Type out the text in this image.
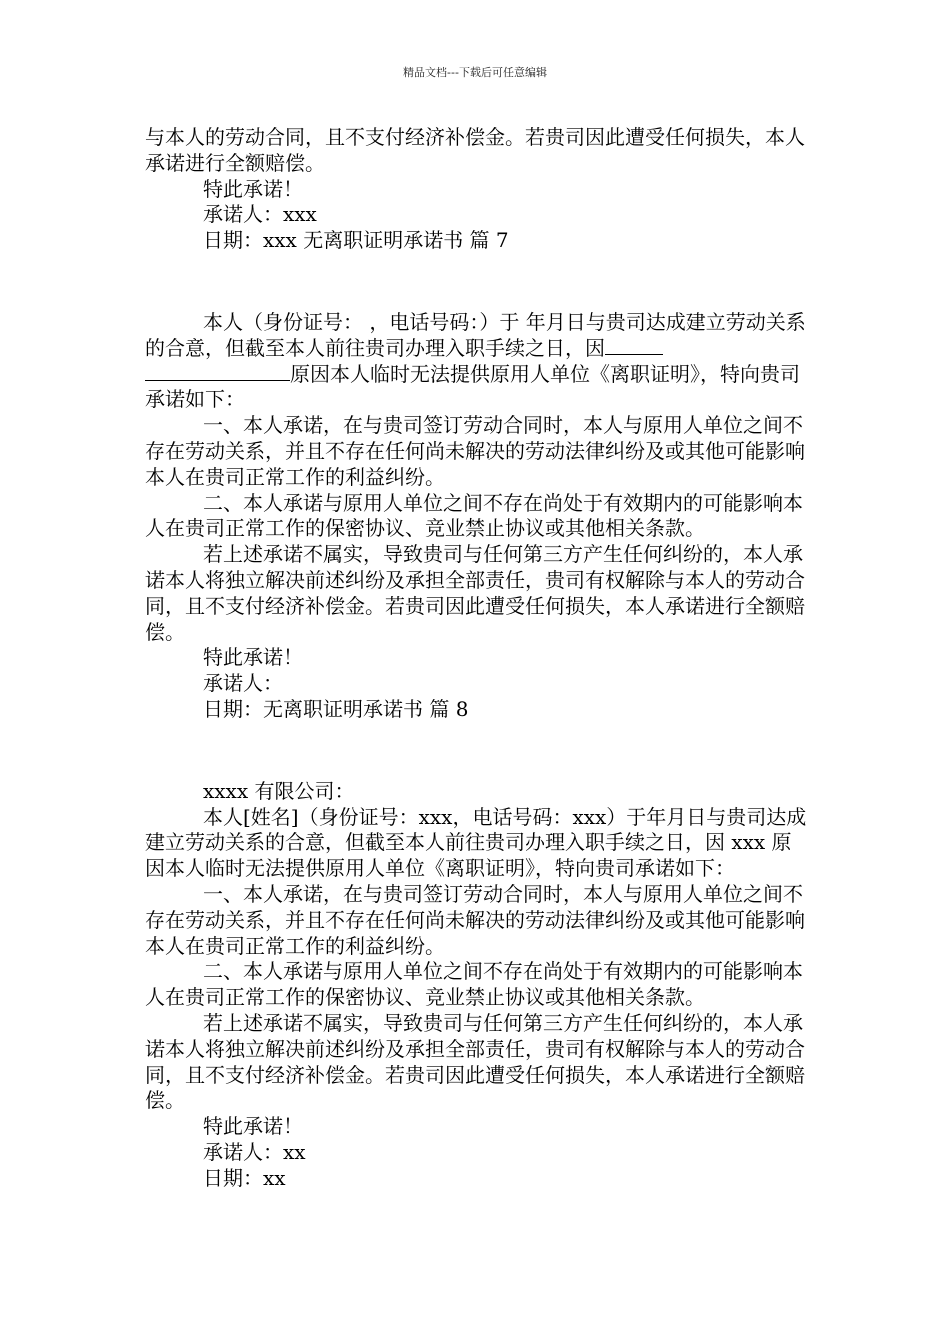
精品文档---下载后可任意编辑

与本人的劳动合同，且不支付经济补偿金。若贵司因此遭受任何损失，本人承诺进行全额赔偿。

特此承诺！

承诺人：xxx

日期：xxx 无离职证明承诺书 篇 7

本人（身份证号： ，电话号码：）于 年月日与贵司达成建立劳动关系的合意，但截至本人前往贵司办理入职手续之日，因原因本人临时无法提供原用人单位《离职证明》，特向贵司承诺如下：

一、本人承诺，在与贵司签订劳动合同时，本人与原用人单位之间不存在劳动关系，并且不存在任何尚未解决的劳动法律纠纷及或其他可能影响本人在贵司正常工作的利益纠纷。

二、本人承诺与原用人单位之间不存在尚处于有效期内的可能影响本人在贵司正常工作的保密协议、竞业禁止协议或其他相关条款。

若上述承诺不属实，导致贵司与任何第三方产生任何纠纷的，本人承诺本人将独立解决前述纠纷及承担全部责任，贵司有权解除与本人的劳动合同，且不支付经济补偿金。若贵司因此遭受任何损失，本人承诺进行全额赔偿。

特此承诺！

承诺人：

日期：无离职证明承诺书 篇 8

xxxx 有限公司：

本人[姓名]（身份证号：xxx，电话号码：xxx）于年月日与贵司达成建立劳动关系的合意，但截至本人前往贵司办理入职手续之日，因 xxx 原因本人临时无法提供原用人单位《离职证明》，特向贵司承诺如下：

一、本人承诺，在与贵司签订劳动合同时，本人与原用人单位之间不存在劳动关系，并且不存在任何尚未解决的劳动法律纠纷及或其他可能影响本人在贵司正常工作的利益纠纷。

二、本人承诺与原用人单位之间不存在尚处于有效期内的可能影响本人在贵司正常工作的保密协议、竞业禁止协议或其他相关条款。

若上述承诺不属实，导致贵司与任何第三方产生任何纠纷的，本人承诺本人将独立解决前述纠纷及承担全部责任，贵司有权解除与本人的劳动合同，且不支付经济补偿金。若贵司因此遭受任何损失，本人承诺进行全额赔偿。

特此承诺！

承诺人：xx

日期：xx
